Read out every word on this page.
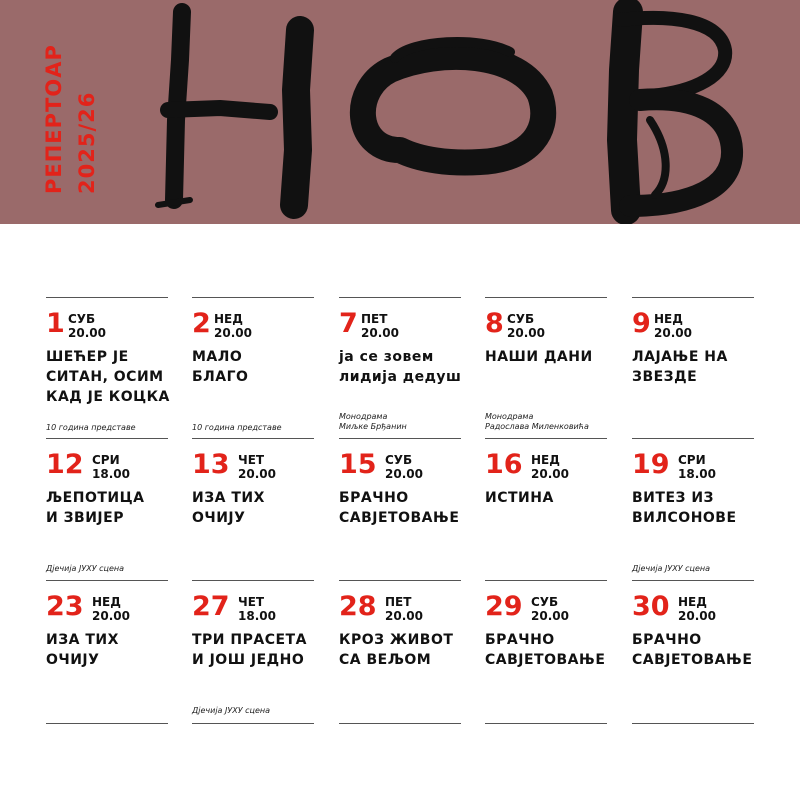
РЕПЕРТОАР 2025/26
1 СУБ
20.00
ШЕЋЕР ЈЕ
СИТАН, ОСИМ
КАД ЈЕ КОЦКА
10 година представе
2 НЕД
20.00
МАЛО
БЛАГО
10 година представе
7 ПЕТ
20.00
ја се зовем
лидија дедуш
Монодрама
Миљке Брђанин
8 СУБ
20.00
НАШИ ДАНИ
Монодрама
Радослава Миленковића
9 НЕД
20.00
ЛАЈАЊЕ НА
ЗВЕЗДЕ
12 СРИ
18.00
ЉЕПОТИЦА
И ЗВИЈЕР
Дјечија ЈУХУ сцена
13 ЧЕТ
20.00
ИЗА ТИХ
ОЧИЈУ
15 СУБ
20.00
БРАЧНО
САВЈЕТОВАЊЕ
16 НЕД
20.00
ИСТИНА
19 СРИ
18.00
ВИТЕЗ ИЗ
ВИЛСОНОВЕ
Дјечија ЈУХУ сцена
23 НЕД
20.00
ИЗА ТИХ
ОЧИЈУ
27 ЧЕТ
18.00
ТРИ ПРАСЕТА
И ЈОШ ЈЕДНО
Дјечија ЈУХУ сцена
28 ПЕТ
20.00
КРОЗ ЖИВОТ
СА ВЕЉОМ
29 СУБ
20.00
БРАЧНО
САВЈЕТОВАЊЕ
30 НЕД
20.00
БРАЧНО
САВЈЕТОВАЊЕ
